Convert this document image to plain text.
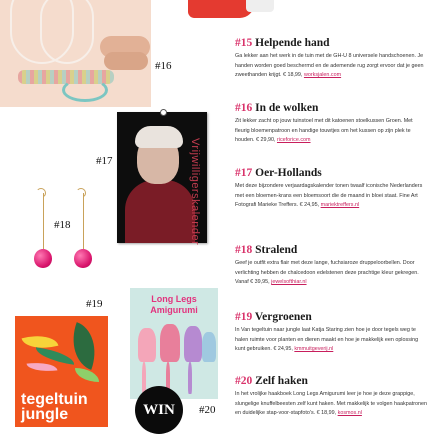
#16
#17	Vrijwilligerskalender
#18
#19
tegeltuin jungle
Long Legs Amigurumi
WIN	#20
#15 Helpende hand
Ga lekker aan het werk in de tuin met de GH-U 8 universele handschoenen. Je handen worden goed beschermd en de ademende rug zorgt ervoor dat je geen zweethanden krijgt. € 18,99, worksjalen.com
#16 In de wolken
Zit lekker zacht op jouw tuinstoel met dit katoenen stoelkussen Groen. Met fleurig bloemenpatroon en handige touwtjes om het kussen op zijn plek te houden. € 29,90, riceforice.com
#17 Oer-Hollands
Met deze bijzondere verjaardagskalender tonen twaalf iconische Nederlanders met een bloemen-krans een bloemsoort die de maand in bloei staat. Fine Art Fotografi Marieke Treffers. € 24,95, mariektreffers.nl
#18 Stralend
Geef je outfit extra flair met deze lange, fuchsiaroze druppeloorbellen. Door verlichting hebben de chalcedoon edelstenen deze prachtige kleur gekregen. Vanaf € 39,95, jewelsofthiar.nl
#19 Vergroenen
In Van tegeltuin naar jungle laat Katja Staring zien hoe je door tegels weg te halen ruimte voor planten en dieren maakt en hoe je makkelijk een oplossing kunt gebruiken. € 24,95, kmmuitgeverij.nl
#20 Zelf haken
In het vrolijke haakboek Long Legs Amigurumi leer je hoe je deze grappige, slungelige knuffelbeesten zelf kunt haken. Met makkelijk te volgen haakpatronen en duidelijke stap-voor-stapfoto's. € 18,99, kosmos.nl
